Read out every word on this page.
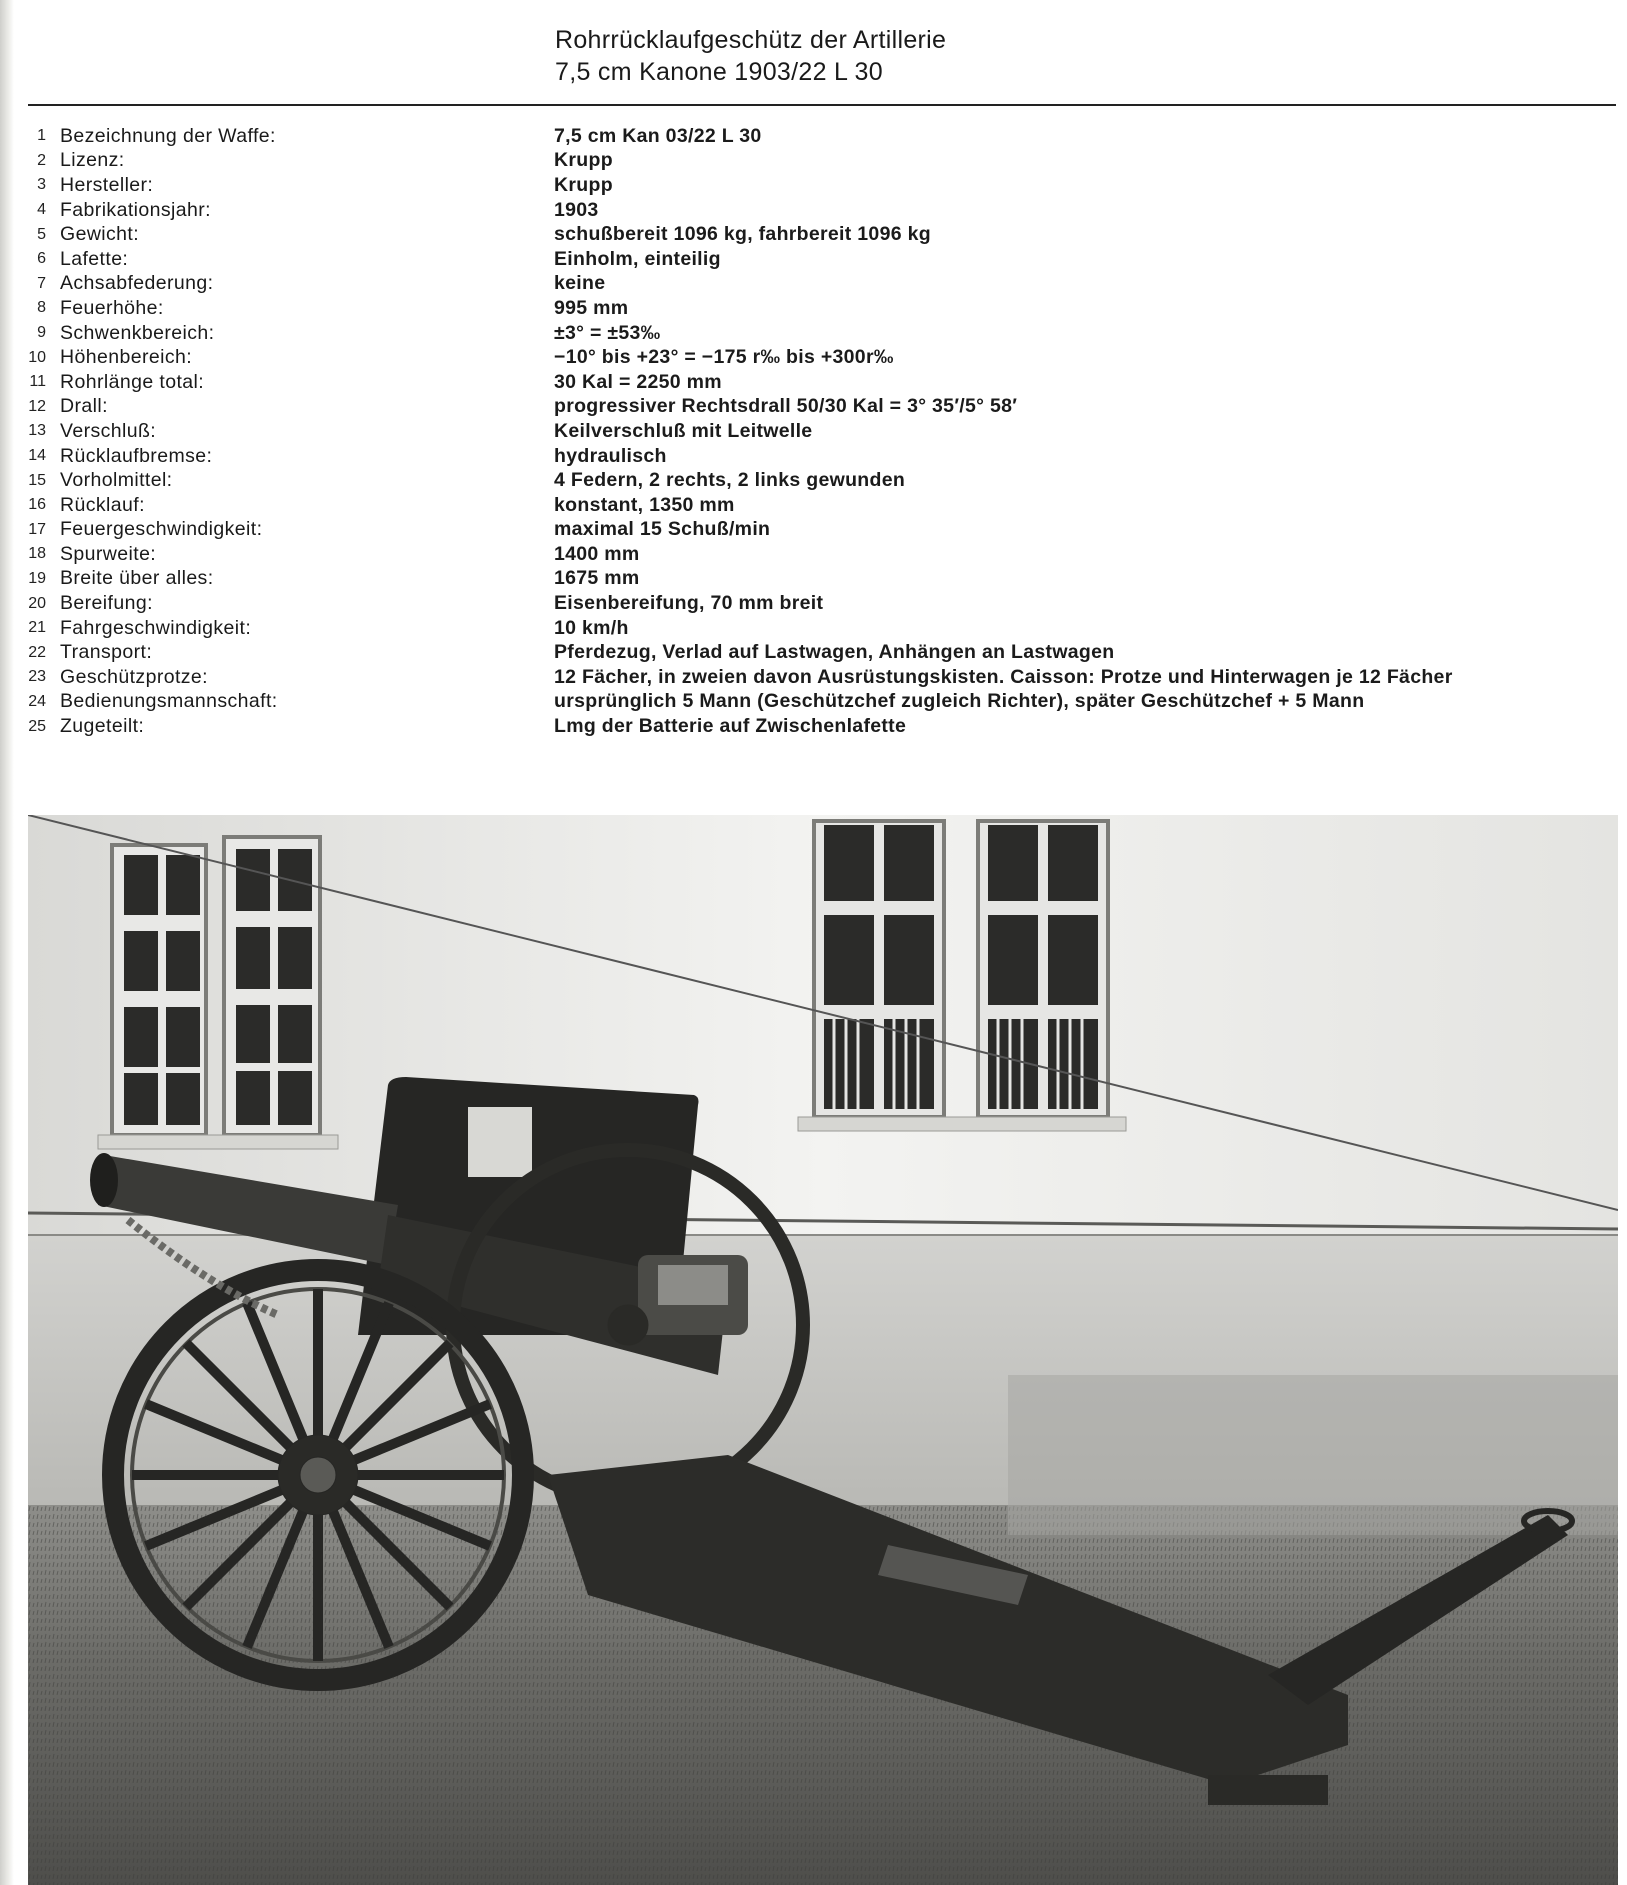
Rohrrücklaufgeschütz der Artillerie
7,5 cm Kanone 1903/22 L 30
1 Bezeichnung der Waffe:	7,5 cm Kan 03/22 L 30
2 Lizenz:	Krupp
3 Hersteller:	Krupp
4 Fabrikationsjahr:	1903
5 Gewicht:	schußbereit 1096 kg, fahrbereit 1096 kg
6 Lafette:	Einholm, einteilig
7 Achsabfederung:	keine
8 Feuerhöhe:	995 mm
9 Schwenkbereich:	±3° = ±53‰
10 Höhenbereich:	−10° bis +23° = −175 r‰ bis +300r‰
11 Rohrlänge total:	30 Kal = 2250 mm
12 Drall:	progressiver Rechtsdrall 50/30 Kal = 3° 35′/5° 58′
13 Verschluß:	Keilverschluß mit Leitwelle
14 Rücklaufbremse:	hydraulisch
15 Vorholmittel:	4 Federn, 2 rechts, 2 links gewunden
16 Rücklauf:	konstant, 1350 mm
17 Feuergeschwindigkeit:	maximal 15 Schuß/min
18 Spurweite:	1400 mm
19 Breite über alles:	1675 mm
20 Bereifung:	Eisenbereifung, 70 mm breit
21 Fahrgeschwindigkeit:	10 km/h
22 Transport:	Pferdezug, Verlad auf Lastwagen, Anhängen an Lastwagen
23 Geschützprotze:	12 Fächer, in zweien davon Ausrüstungskisten. Caisson: Protze und Hinterwagen je 12 Fächer
24 Bedienungsmannschaft:	ursprünglich 5 Mann (Geschützchef zugleich Richter), später Geschützchef + 5 Mann
25 Zugeteilt:	Lmg der Batterie auf Zwischenlafette
